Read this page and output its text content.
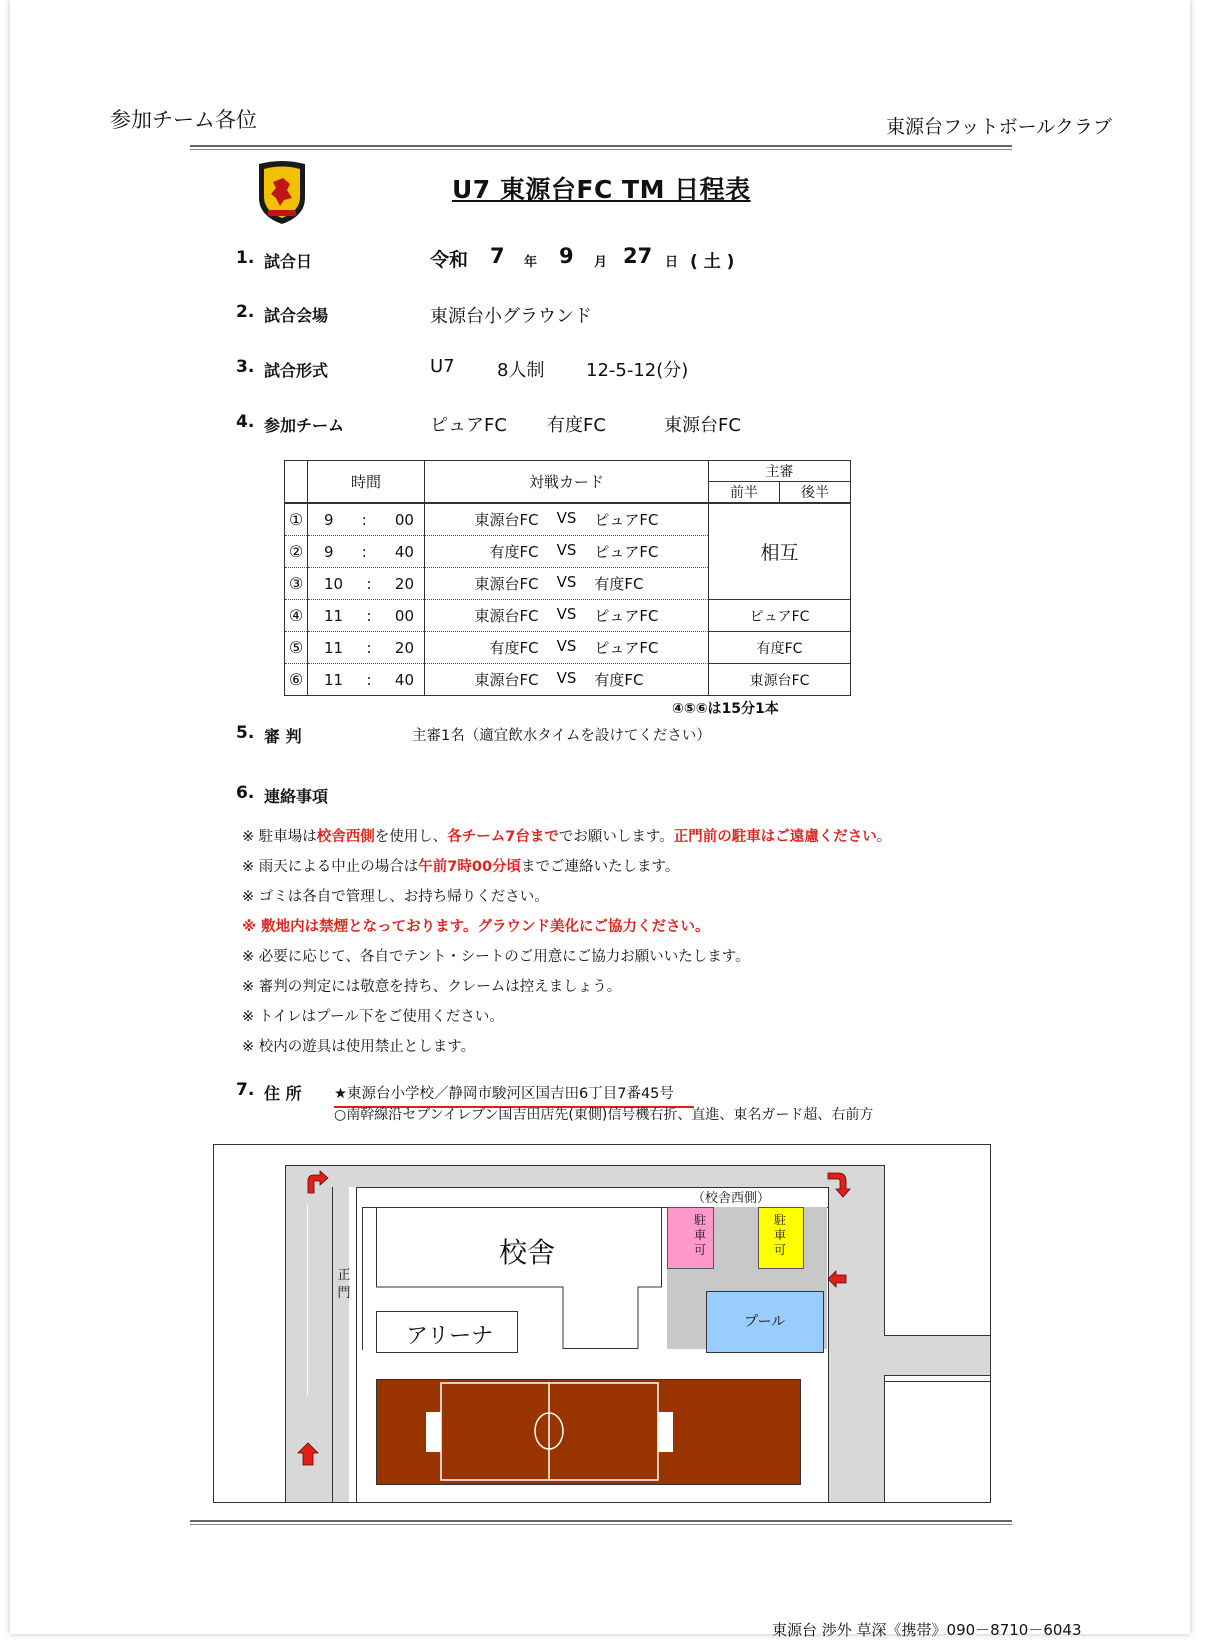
参加チーム各位	東源台フットボールクラブ
U7 東源台FC TM 日程表
1. 試合日	令和 7 年 9 月 27 日 ( 土 )
2. 試合会場	東源台小グラウンド
3. 試合形式	U7 8人制 12-5-12(分)
4. 参加チーム	ピュアFC 有度FC	東源台FC
	時間	対戦カード	主審	
			前半	後半
①	9 : 00	東源台FC VS ピュアFC	相互	
②	9 : 40	有度FC VS ピュアFC		

③	10 : 20	東源台FC VS 有度FC		

④	11 : 00	東源台FC VS ピュアFC	ピュアFC	
⑤	11 : 20	有度FC VS ピュアFC	有度FC	
⑥	11 : 40	東源台FC VS 有度FC	東源台FC	
④⑤⑥は15分1本
5. 審 判	主審1名（適宜飲水タイムを設けてください）
6. 連絡事項
※ 駐車場は校舎西側を使用し、各チーム7台まででお願いします。正門前の駐車はご遠慮ください。
※ 雨天による中止の場合は午前7時00分頃までご連絡いたします。
※ ゴミは各自で管理し、お持ち帰りください。
※ 敷地内は禁煙となっております。グラウンド美化にご協力ください。
※ 必要に応じて、各自でテント・シートのご用意にご協力お願いいたします。
※ 審判の判定には敬意を持ち、クレームは控えましょう。
※ トイレはプール下をご使用ください。
※ 校内の遊具は使用禁止とします。
7. 住 所 ★東源台小学校／静岡市駿河区国吉田6丁目7番45号
○南幹線沿セブンイレブン国吉田店先(東側)信号機右折、直進、東名ガード超、右前方
駐車可
駐車可
（校舎西側）
校舎
正門
アリーナ
プール
東源台 渉外 草深《携帯》090－8710－6043
